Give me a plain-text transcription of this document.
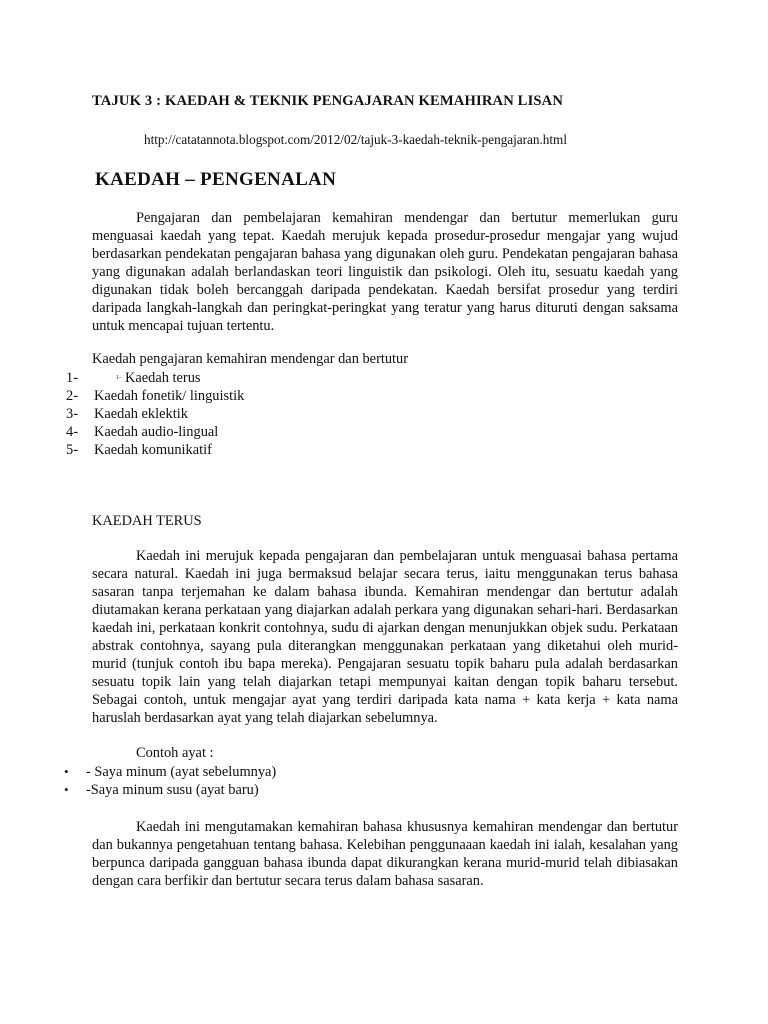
TAJUK 3 : KAEDAH & TEKNIK PENGAJARAN KEMAHIRAN LISAN
http://catatannota.blogspot.com/2012/02/tajuk-3-kaedah-teknik-pengajaran.html
KAEDAH – PENGENALAN
Pengajaran dan pembelajaran kemahiran mendengar dan bertutur memerlukan guru menguasai kaedah yang tepat. Kaedah merujuk kepada prosedur-prosedur mengajar yang wujud berdasarkan pendekatan pengajaran bahasa yang digunakan oleh guru. Pendekatan pengajaran bahasa yang digunakan adalah berlandaskan teori linguistik dan psikologi. Oleh itu, sesuatu kaedah yang digunakan tidak boleh bercanggah daripada pendekatan. Kaedah bersifat prosedur yang terdiri daripada langkah-langkah dan peringkat-peringkat yang teratur yang harus dituruti dengan saksama untuk mencapai tujuan tertentu.
Kaedah pengajaran kemahiran mendengar dan bertutur
1-	$^{1-}$ Kaedah terus
2- Kaedah fonetik/ linguistik
3- Kaedah eklektik
4- Kaedah audio-lingual
5- Kaedah komunikatif
KAEDAH TERUS
Kaedah ini merujuk kepada pengajaran dan pembelajaran untuk menguasai bahasa pertama secara natural. Kaedah ini juga bermaksud belajar secara terus, iaitu menggunakan terus bahasa sasaran tanpa terjemahan ke dalam bahasa ibunda. Kemahiran mendengar dan bertutur adalah diutamakan kerana perkataan yang diajarkan adalah perkara yang digunakan sehari-hari. Berdasarkan kaedah ini, perkataan konkrit contohnya, sudu di ajarkan dengan menunjukkan objek sudu. Perkataan abstrak contohnya, sayang pula diterangkan menggunakan perkataan yang diketahui oleh murid-murid (tunjuk contoh ibu bapa mereka). Pengajaran sesuatu topik baharu pula adalah berdasarkan sesuatu topik lain yang telah diajarkan tetapi mempunyai kaitan dengan topik baharu tersebut. Sebagai contoh, untuk mengajar ayat yang terdiri daripada kata nama + kata kerja + kata nama haruslah berdasarkan ayat yang telah diajarkan sebelumnya.
Contoh ayat :
• - Saya minum (ayat sebelumnya)
• -Saya minum susu (ayat baru)
Kaedah ini mengutamakan kemahiran bahasa khususnya kemahiran mendengar dan bertutur dan bukannya pengetahuan tentang bahasa. Kelebihan penggunaaan kaedah ini ialah, kesalahan yang berpunca daripada gangguan bahasa ibunda dapat dikurangkan kerana murid-murid telah dibiasakan dengan cara berfikir dan bertutur secara terus dalam bahasa sasaran.
